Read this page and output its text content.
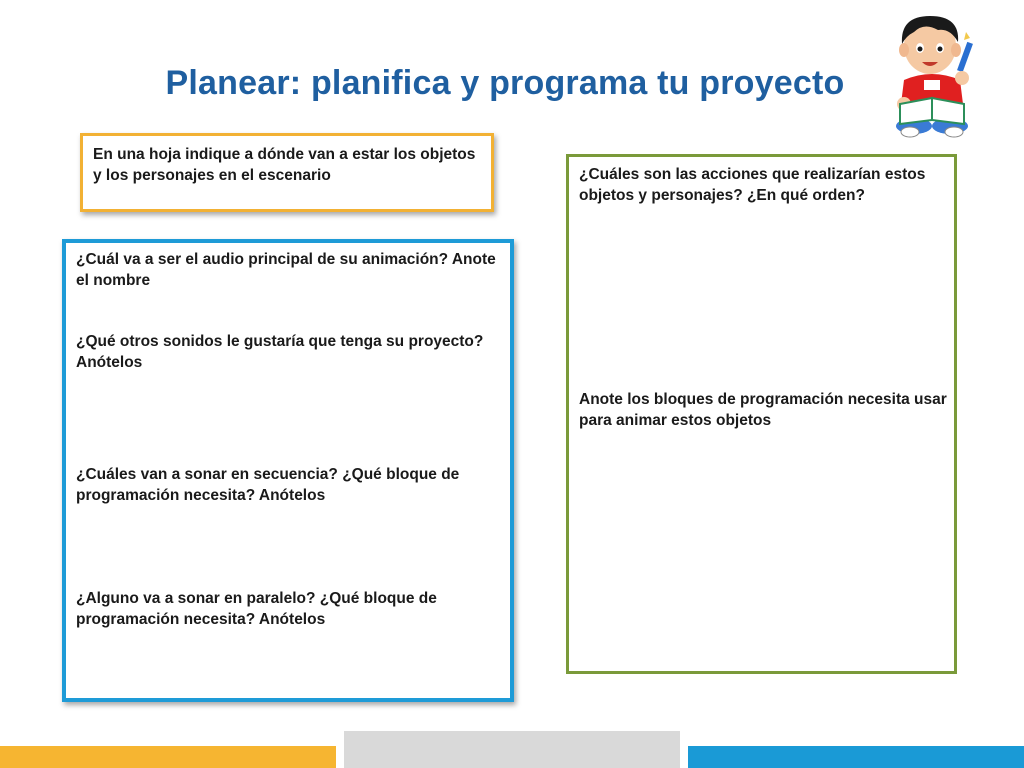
Planear: planifica y programa tu proyecto

En una hoja indique a dónde van a estar los objetos y los personajes en el escenario

¿Cuál va a ser el audio principal de su animación? Anote el nombre

¿Qué otros sonidos le gustaría que tenga su proyecto? Anótelos

¿Cuáles van a sonar en secuencia? ¿Qué bloque de programación necesita? Anótelos

¿Alguno va a sonar en paralelo? ¿Qué bloque de programación necesita? Anótelos

¿Cuáles son las acciones que realizarían estos objetos y personajes? ¿En qué orden?

Anote los bloques de programación necesita usar para animar estos objetos
